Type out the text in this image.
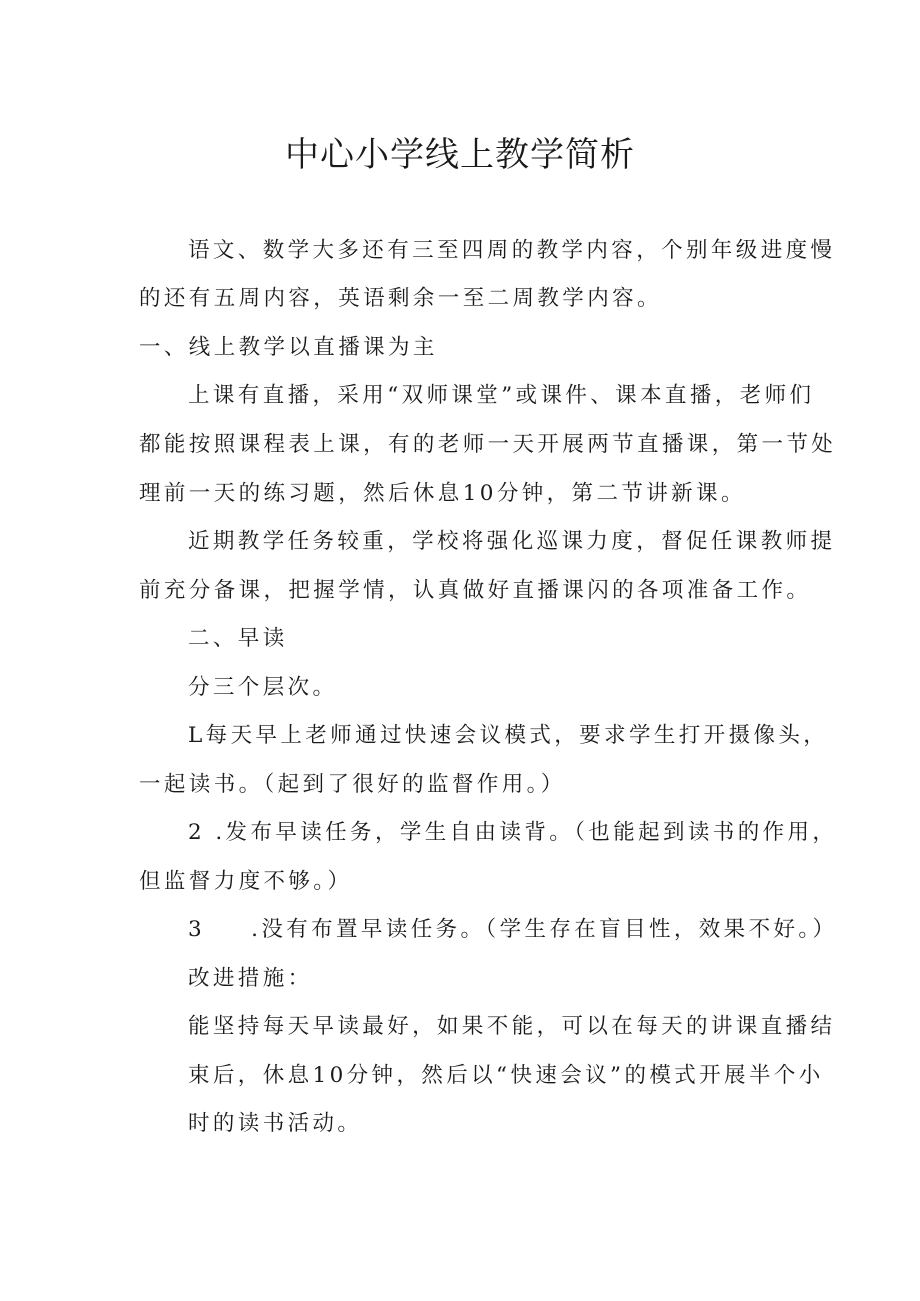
中心小学线上教学简析
语文、数学大多还有三至四周的教学内容，个别年级进度慢
的还有五周内容，英语剩余一至二周教学内容。
一、线上教学以直播课为主
上课有直播，采用“双师课堂”或课件、课本直播，老师们
都能按照课程表上课，有的老师一天开展两节直播课，第一节处
理前一天的练习题，然后休息10分钟，第二节讲新课。
近期教学任务较重，学校将强化巡课力度，督促任课教师提
前充分备课，把握学情，认真做好直播课闪的各项准备工作。
二、早读
分三个层次。
L每天早上老师通过快速会议模式，要求学生打开摄像头，
一起读书。（起到了很好的监督作用。）
2 .发布早读任务，学生自由读背。（也能起到读书的作用，
但监督力度不够。）
3 .没有布置早读任务。（学生存在盲目性，效果不好。）
改进措施：
能坚持每天早读最好，如果不能，可以在每天的讲课直播结
束后，休息10分钟，然后以“快速会议”的模式开展半个小
时的读书活动。
